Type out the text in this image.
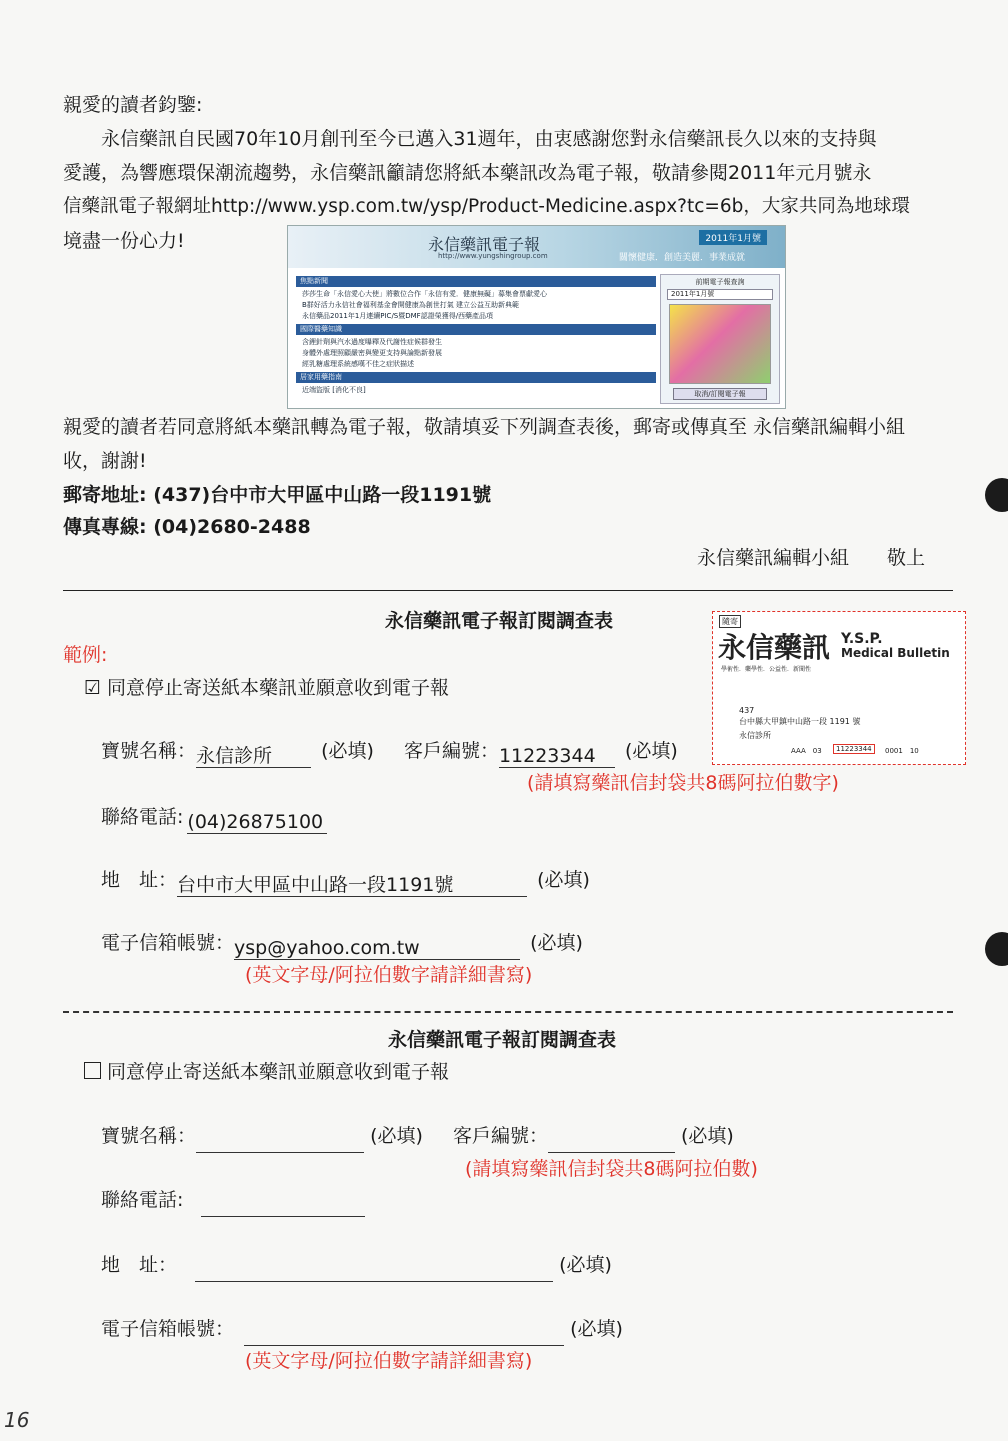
親愛的讀者鈞鑒:
永信藥訊自民國70年10月創刊至今已邁入31週年，由衷感謝您對永信藥訊長久以來的支持與
愛護，為響應環保潮流趨勢，永信藥訊籲請您將紙本藥訊改為電子報，敬請參閱2011年元月號永
信藥訊電子報網址http://www.ysp.com.tw/ysp/Product-Medicine.aspx?tc=6b，大家共同為地球環
境盡一份心力!	永信藥訊電子報
http://www.yungshingroup.com
2011年1月號
關懷健康．創造美麗．事業成就
焦點新聞
莎莎生命「永信愛心大使」將數位合作「永信有愛．健康無礙」募集會票獻愛心
B群好活力永信社會福利基金會開健康為創世打氣 建立公益互助新典範
永信藥品2011年1月連續PIC/S暨DMF認證榮獲得/西藥產品項
國際醫藥知識
含鋰針劑與汽水過度曝釋及代謝性症候群發生
身體外處理照顧嚴密與變更支持與論點新發展
經乳糖處理系統感嘆不佳之症狀描述
居家用藥指南
近端盜版 [消化不良]
前期電子報查詢
2011年1月號
取消/訂閱電子報
親愛的讀者若同意將紙本藥訊轉為電子報，敬請填妥下列調查表後，郵寄或傳真至 永信藥訊編輯小組
收，謝謝!
郵寄地址: (437)台中市大甲區中山路一段1191號
傳真專線: (04)2680-2488
永信藥訊編輯小組　　敬上
永信藥訊電子報訂閱調查表
範例:
☑ 同意停止寄送紙本藥訊並願意收到電子報
寶號名稱：永信診所	(必填) 客戶編號：11223344 (必填)
(請填寫藥訊信封袋共8碼阿拉伯數字)
聯絡電話: (04)26875100
地　址：台中市大甲區中山路一段1191號	(必填)
電子信箱帳號：ysp@yahoo.com.tw	(必填)
(英文字母/阿拉伯數字請詳細書寫)
隨寄
永信藥訊 Y.S.P.
Medical Bulletin
學術性．藥學性．公益性．新聞性
437
台中縣大甲鎮中山路一段 1191 號
永信診所
AAA　03	11223344	0001　10
永信藥訊電子報訂閱調查表
同意停止寄送紙本藥訊並願意收到電子報
寶號名稱：	(必填) 客戶編號：	(必填)
(請填寫藥訊信封袋共8碼阿拉伯數)
聯絡電話:
地　址：	(必填)
電子信箱帳號：	(必填)
(英文字母/阿拉伯數字請詳細書寫)
16
